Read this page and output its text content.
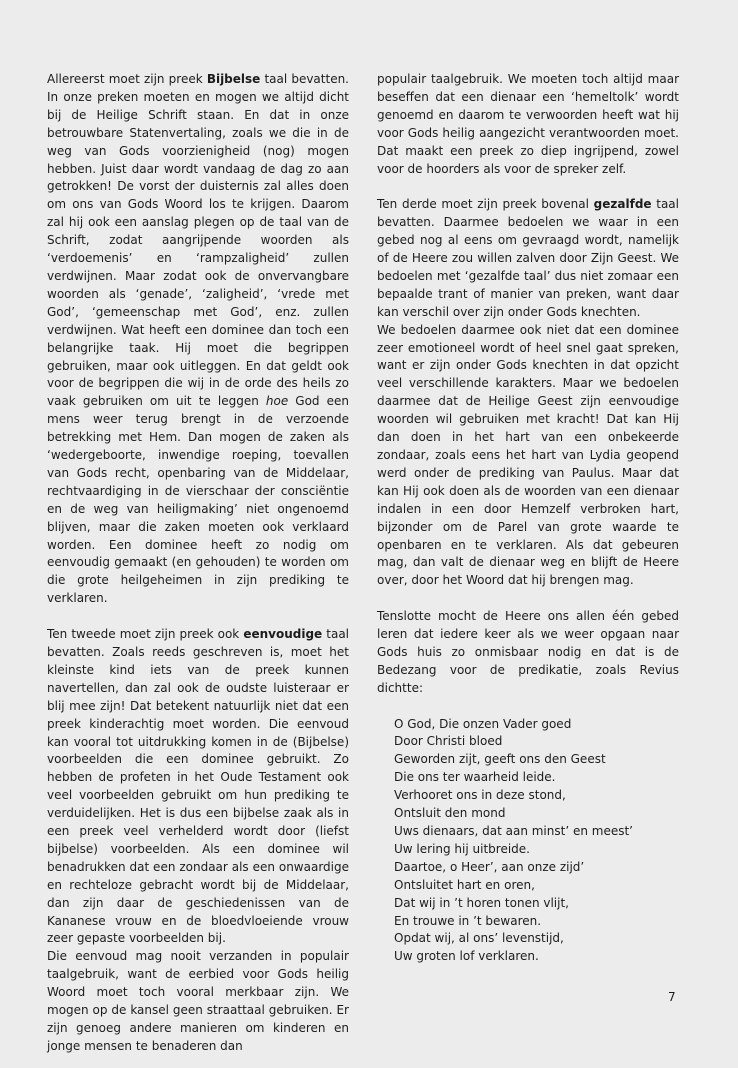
Allereerst moet zijn preek Bijbelse taal bevatten. In onze preken moeten en mogen we altijd dicht bij de Heilige Schrift staan. En dat in onze betrouwbare Statenvertaling, zoals we die in de weg van Gods voorzienigheid (nog) mogen hebben. Juist daar wordt vandaag de dag zo aan getrokken! De vorst der duisternis zal alles doen om ons van Gods Woord los te krijgen. Daarom zal hij ook een aanslag plegen op de taal van de Schrift, zodat aangrijpende woorden als ‘verdoemenis’ en ‘rampzaligheid’ zullen verdwijnen. Maar zodat ook de onvervangbare woorden als ‘genade’, ‘zaligheid’, ‘vrede met God’, ‘gemeenschap met God’, enz. zullen verdwijnen. Wat heeft een dominee dan toch een belangrijke taak. Hij moet die begrippen gebruiken, maar ook uitleggen. En dat geldt ook voor de begrippen die wij in de orde des heils zo vaak gebruiken om uit te leggen hoe God een mens weer terug brengt in de verzoende betrekking met Hem. Dan mogen de zaken als ‘wedergeboorte, inwendige roeping, toevallen van Gods recht, openbaring van de Middelaar, rechtvaardiging in de vierschaar der consciëntie en de weg van heiligmaking’ niet ongenoemd blijven, maar die zaken moeten ook verklaard worden. Een dominee heeft zo nodig om eenvoudig gemaakt (en gehouden) te worden om die grote heilgeheimen in zijn prediking te verklaren.

Ten tweede moet zijn preek ook eenvoudige taal bevatten. Zoals reeds geschreven is, moet het kleinste kind iets van de preek kunnen navertellen, dan zal ook de oudste luisteraar er blij mee zijn! Dat betekent natuurlijk niet dat een preek kinderachtig moet worden. Die eenvoud kan vooral tot uitdrukking komen in de (Bijbelse) voorbeelden die een dominee gebruikt. Zo hebben de profeten in het Oude Testament ook veel voorbeelden gebruikt om hun prediking te verduidelijken. Het is dus een bijbelse zaak als in een preek veel verhelderd wordt door (liefst bijbelse) voorbeelden. Als een dominee wil benadrukken dat een zondaar als een onwaardige en rechteloze gebracht wordt bij de Middelaar, dan zijn daar de geschiedenissen van de Kananese vrouw en de bloedvloeiende vrouw zeer gepaste voorbeelden bij.

Die eenvoud mag nooit verzanden in populair taalgebruik, want de eerbied voor Gods heilig Woord moet toch vooral merkbaar zijn. We mogen op de kansel geen straattaal gebruiken. Er zijn genoeg andere manieren om kinderen en jonge mensen te benaderen dan

populair taalgebruik. We moeten toch altijd maar beseffen dat een dienaar een ‘hemeltolk’ wordt genoemd en daarom te verwoorden heeft wat hij voor Gods heilig aangezicht verantwoorden moet. Dat maakt een preek zo diep ingrijpend, zowel voor de hoorders als voor de spreker zelf.

Ten derde moet zijn preek bovenal gezalfde taal bevatten. Daarmee bedoelen we waar in een gebed nog al eens om gevraagd wordt, namelijk of de Heere zou willen zalven door Zijn Geest. We bedoelen met ‘gezalfde taal’ dus niet zomaar een bepaalde trant of manier van preken, want daar kan verschil over zijn onder Gods knechten.

We bedoelen daarmee ook niet dat een dominee zeer emotioneel wordt of heel snel gaat spreken, want er zijn onder Gods knechten in dat opzicht veel verschillende karakters. Maar we bedoelen daarmee dat de Heilige Geest zijn eenvoudige woorden wil gebruiken met kracht! Dat kan Hij dan doen in het hart van een onbekeerde zondaar, zoals eens het hart van Lydia geopend werd onder de prediking van Paulus. Maar dat kan Hij ook doen als de woorden van een dienaar indalen in een door Hemzelf verbroken hart, bijzonder om de Parel van grote waarde te openbaren en te verklaren. Als dat gebeuren mag, dan valt de dienaar weg en blijft de Heere over, door het Woord dat hij brengen mag.

Tenslotte mocht de Heere ons allen één gebed leren dat iedere keer als we weer opgaan naar Gods huis zo onmisbaar nodig en dat is de Bedezang voor de predikatie, zoals Revius dichtte:

O God, Die onzen Vader goed
Door Christi bloed
Geworden zijt, geeft ons den Geest
Die ons ter waarheid leide.
Verhooret ons in deze stond,
Ontsluit den mond
Uws dienaars, dat aan minst’ en meest’
Uw lering hij uitbreide.
Daartoe, o Heer’, aan onze zijd’
Ontsluitet hart en oren,
Dat wij in ’t horen tonen vlijt,
En trouwe in ’t bewaren.
Opdat wij, al ons’ levenstijd,
Uw groten lof verklaren.
7
